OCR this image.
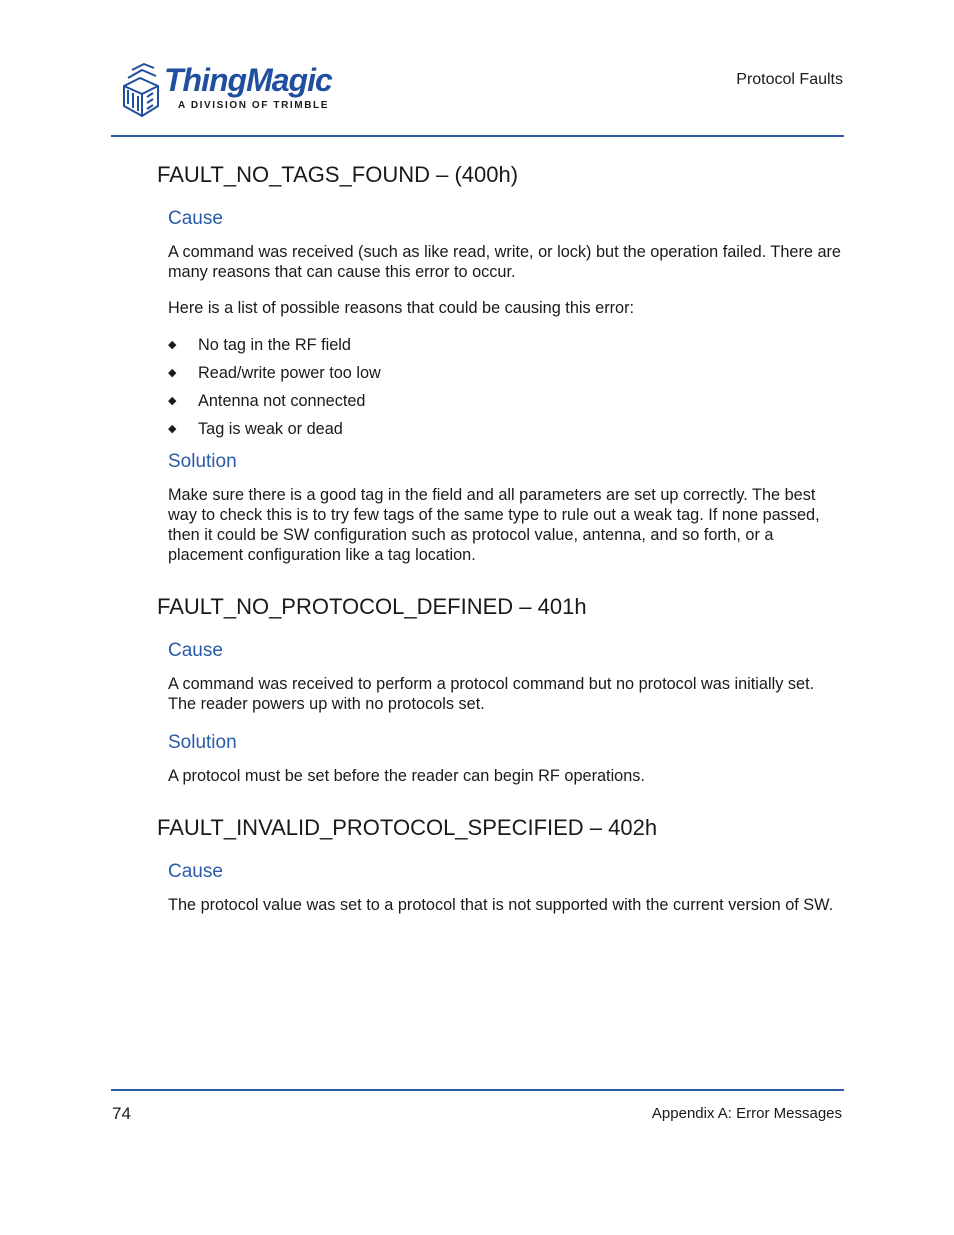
ThingMagic
A DIVISION OF TRIMBLE
Protocol Faults
FAULT_NO_TAGS_FOUND – (400h)
Cause

A command was received (such as like read, write, or lock) but the operation failed. There are many reasons that can cause this error to occur.

Here is a list of possible reasons that could be causing this error:

◆ No tag in the RF field
◆ Read/write power too low
◆ Antenna not connected
◆ Tag is weak or dead
Solution

Make sure there is a good tag in the field and all parameters are set up correctly. The best way to check this is to try few tags of the same type to rule out a weak tag. If none passed, then it could be SW configuration such as protocol value, antenna, and so forth, or a placement configuration like a tag location.

FAULT_NO_PROTOCOL_DEFINED – 401h
Cause

A command was received to perform a protocol command but no protocol was initially set. The reader powers up with no protocols set.

Solution

A protocol must be set before the reader can begin RF operations.

FAULT_INVALID_PROTOCOL_SPECIFIED – 402h
Cause

The protocol value was set to a protocol that is not supported with the current version of SW.

74	Appendix A: Error Messages
